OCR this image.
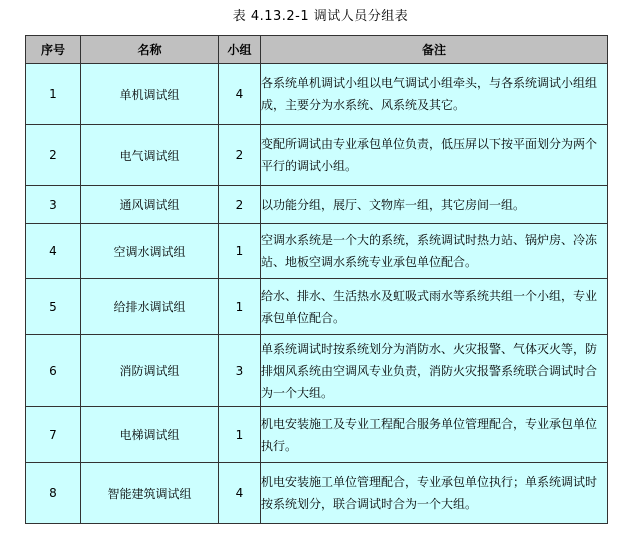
表 4.13.2-1 调试人员分组表
序号	名称	小组	备注
1	单机调试组	4	各系统单机调试小组以电气调试小组牵头，与各系统调试小组组成，主要分为水系统、风系统及其它。
2	电气调试组	2	变配所调试由专业承包单位负责，低压屏以下按平面划分为两个平行的调试小组。
3	通风调试组	2	以功能分组，展厅、文物库一组，其它房间一组。
4	空调水调试组	1	空调水系统是一个大的系统，系统调试时热力站、锅炉房、冷冻站、地板空调水系统专业承包单位配合。
5	给排水调试组	1	给水、排水、生活热水及虹吸式雨水等系统共组一个小组，专业承包单位配合。
6	消防调试组	3	单系统调试时按系统划分为消防水、火灾报警、气体灭火等，防排烟风系统由空调风专业负责，消防火灾报警系统联合调试时合为一个大组。
7	电梯调试组	1	机电安装施工及专业工程配合服务单位管理配合，专业承包单位执行。
8	智能建筑调试组	4	机电安装施工单位管理配合，专业承包单位执行；单系统调试时按系统划分，联合调试时合为一个大组。
